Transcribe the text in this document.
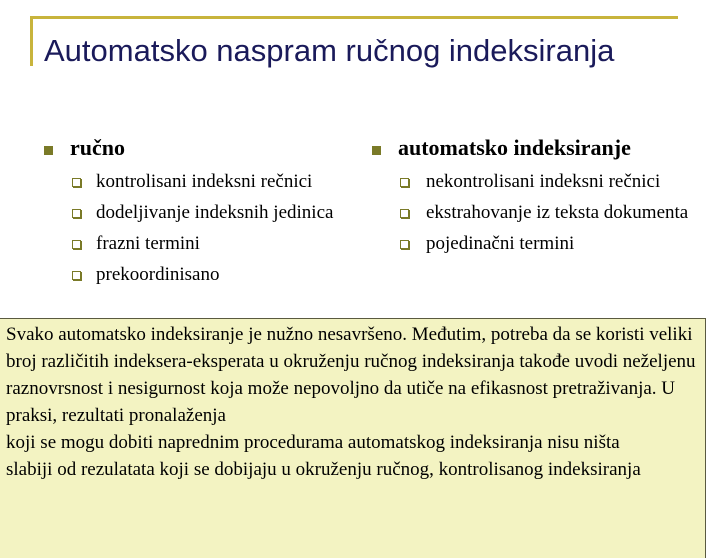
Automatsko naspram ručnog indeksiranja
ručno
kontrolisani indeksni rečnici
dodeljivanje indeksnih jedinica
frazni termini
prekoordinisano
automatsko indeksiranje
nekontrolisani indeksni rečnici
ekstrahovanje iz teksta dokumenta
pojedinačni termini
Svako automatsko indeksiranje je nužno nesavršeno. Međutim, potreba da se koristi veliki broj različitih indeksera-eksperata u okruženju ručnog indeksiranja takođe uvodi neželjenu raznovrsnost i nesigurnost koja može nepovoljno da utiče na efikasnost pretraživanja. U praksi, rezultati pronalaženja
koji se mogu dobiti naprednim procedurama automatskog indeksiranja nisu ništa
slabiji od rezulatata koji se dobijaju u okruženju ručnog, kontrolisanog indeksiranja
